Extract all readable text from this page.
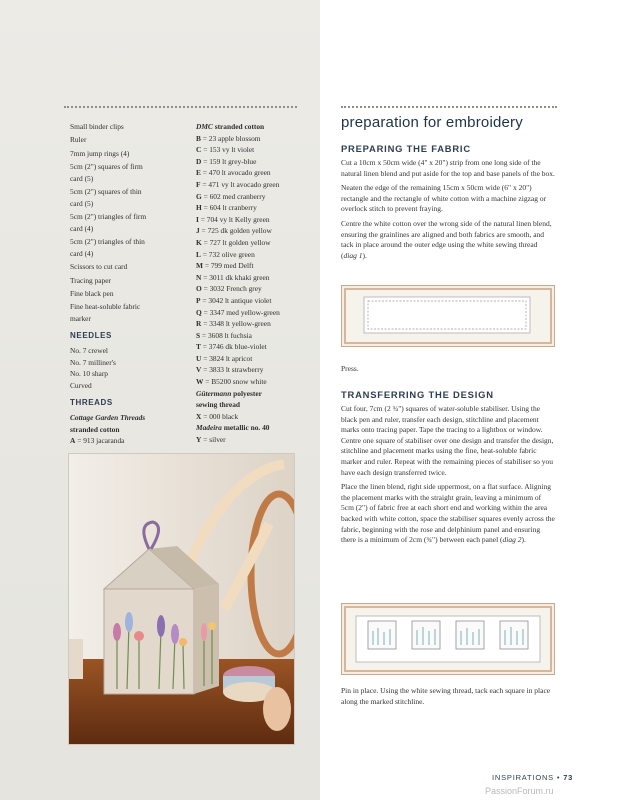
Small binder clips
Ruler
7mm jump rings (4)
5cm (2") squares of firm
card (5)
5cm (2") squares of thin
card (5)
5cm (2") triangles of firm
card (4)
5cm (2") triangles of thin
card (4)
Scissors to cut card
Tracing paper
Fine black pen
Fine heat-soluble fabric
marker
NEEDLES
No. 7 crewel
No. 7 milliner's
No. 10 sharp
Curved
THREADS
Cottage Garden Threads
stranded cotton
A = 913 jacaranda
DMC stranded cotton
B = 23 apple blossom
C = 153 vy lt violet
D = 159 lt grey-blue
E = 470 lt avocado green
F = 471 vy lt avocado green
G = 602 med cranberry
H = 604 lt cranberry
I = 704 vy lt Kelly green
J = 725 dk golden yellow
K = 727 lt golden yellow
L = 732 olive green
M = 799 med Delft
N = 3011 dk khaki green
O = 3032 French grey
P = 3042 lt antique violet
Q = 3347 med yellow-green
R = 3348 lt yellow-green
S = 3608 lt fuchsia
T = 3746 dk blue-violet
U = 3824 lt apricot
V = 3833 lt strawberry
W = B5200 snow white
Gütermann polyester
sewing thread
X = 000 black
Madeira metallic no. 40
Y = silver
preparation for embroidery
PREPARING THE FABRIC
Cut a 10cm x 50cm wide (4" x 20") strip from one long side of the natural linen blend and put aside for the top and base panels of the box.
Neaten the edge of the remaining 15cm x 50cm wide (6" x 20") rectangle and the rectangle of white cotton with a machine zigzag or overlock stitch to prevent fraying.
Centre the white cotton over the wrong side of the natural linen blend, ensuring the grainlines are aligned and both fabrics are smooth, and tack in place around the outer edge using the white sewing thread (diag 1).
Press.
TRANSFERRING THE DESIGN
Cut four, 7cm (2 ¾") squares of water-soluble stabiliser. Using the black pen and ruler, transfer each design, stitchline and placement marks onto tracing paper. Tape the tracing to a lightbox or window. Centre one square of stabiliser over one design and transfer the design, stitchline and placement marks using the fine, heat-soluble fabric marker and ruler. Repeat with the remaining pieces of stabiliser so you have each design transferred twice.
Place the linen blend, right side uppermost, on a flat surface. Aligning the placement marks with the straight grain, leaving a minimum of 5cm (2") of fabric free at each short end and working within the area backed with white cotton, space the stabiliser squares evenly across the fabric, beginning with the rose and delphinium panel and ensuring there is a minimum of 2cm (¾") between each panel (diag 2).
Pin in place. Using the white sewing thread, tack each square in place along the marked stitchline.
INSPIRATIONS • 73
PassionForum.ru
